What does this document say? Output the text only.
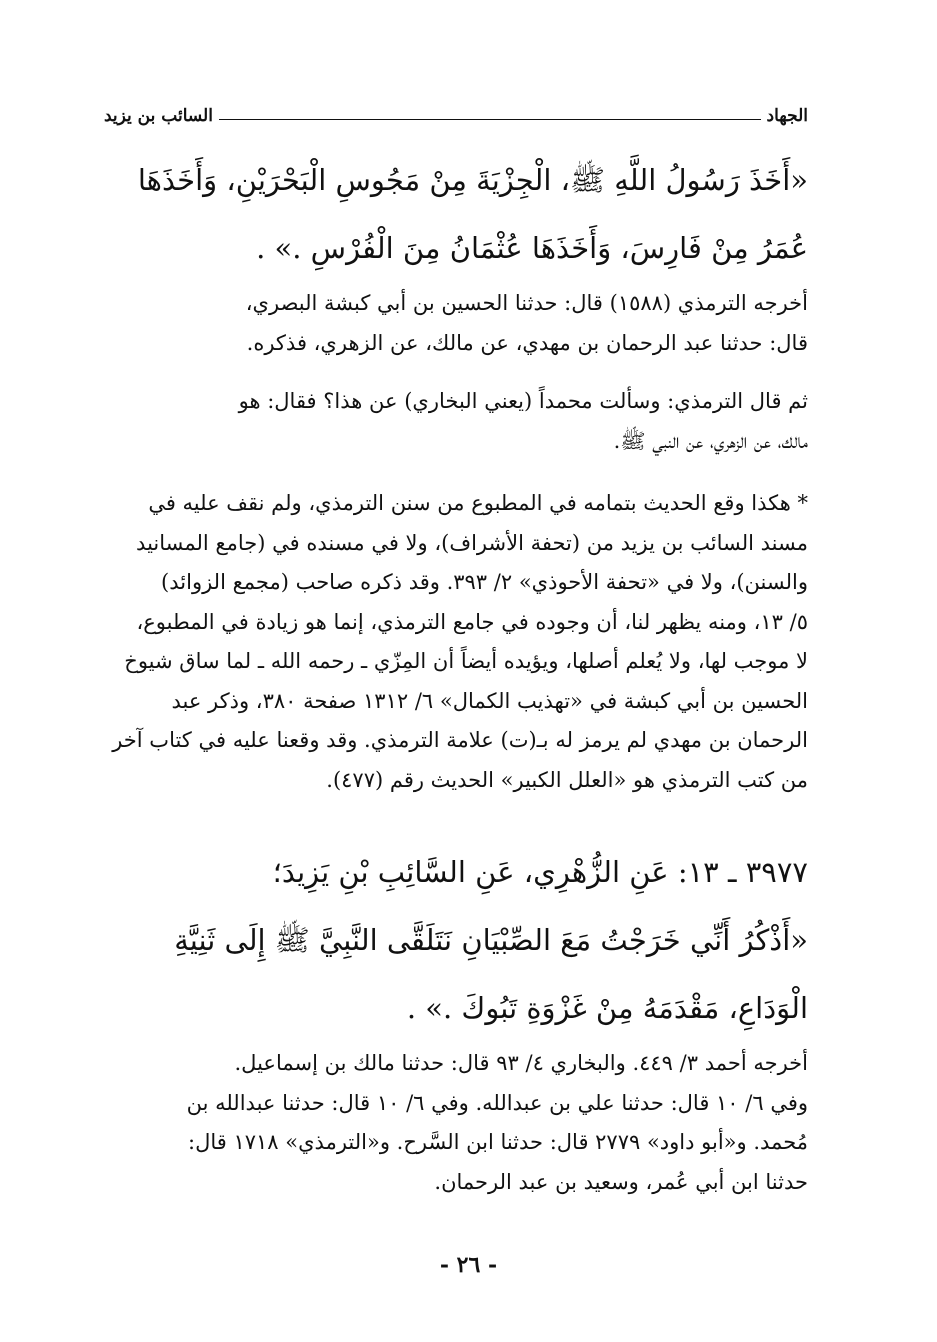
الجهاد
السائب بن يزيد
«أَخَذَ رَسُولُ اللَّهِ ﷺ، الْجِزْيَةَ مِنْ مَجُوسِ الْبَحْرَيْنِ، وَأَخَذَهَا
عُمَرُ مِنْ فَارِسَ، وَأَخَذَهَا عُثْمَانُ مِنَ الْفُرْسِ .» .
أخرجه الترمذي (١٥٨٨) قال: حدثنا الحسين بن أبي كبشة البصري،
قال: حدثنا عبد الرحمان بن مهدي، عن مالك، عن الزهري، فذكره.
ثم قال الترمذي: وسألت محمداً (يعني البخاري) عن هذا؟ فقال: هو
مالك، عن الزهري، عن النبي ﷺ.
* هكذا وقع الحديث بتمامه في المطبوع من سنن الترمذي، ولم نقف عليه في
مسند السائب بن يزيد من (تحفة الأشراف)، ولا في مسنده في (جامع المسانيد
والسنن)، ولا في «تحفة الأحوذي» ٢/ ٣٩٣. وقد ذكره صاحب (مجمع الزوائد)
٥/ ١٣، ومنه يظهر لنا، أن وجوده في جامع الترمذي، إنما هو زيادة في المطبوع،
لا موجب لها، ولا يُعلم أصلها، ويؤيده أيضاً أن المِزّي ـ رحمه الله ـ لما ساق شيوخ
الحسين بن أبي كبشة في «تهذيب الكمال» ٦/ ١٣١٢ صفحة ٣٨٠، وذكر عبد
الرحمان بن مهدي لم يرمز له بـ(ت) علامة الترمذي. وقد وقعنا عليه في كتاب آخر
من كتب الترمذي هو «العلل الكبير» الحديث رقم (٤٧٧).
٣٩٧٧ ـ ١٣: عَنِ الزُّهْرِي، عَنِ السَّائِبِ بْنِ يَزِيدَ؛
«أَذْكُرُ أَنِّي خَرَجْتُ مَعَ الصِّبْيَانِ نَتَلَقَّى النَّبِيَّ ﷺ إِلَى ثَنِيَّةِ
الْوَدَاعِ، مَقْدَمَهُ مِنْ غَزْوَةِ تَبُوكَ .» .
أخرجه أحمد ٣/ ٤٤٩. والبخاري ٤/ ٩٣ قال: حدثنا مالك بن إسماعيل.
وفي ٦/ ١٠ قال: حدثنا علي بن عبدالله. وفي ٦/ ١٠ قال: حدثنا عبدالله بن
مُحمد. و«أبو داود» ٢٧٧٩ قال: حدثنا ابن السَّرح. و«الترمذي» ١٧١٨ قال:
حدثنا ابن أبي عُمر، وسعيد بن عبد الرحمان.
- ٢٦ -
